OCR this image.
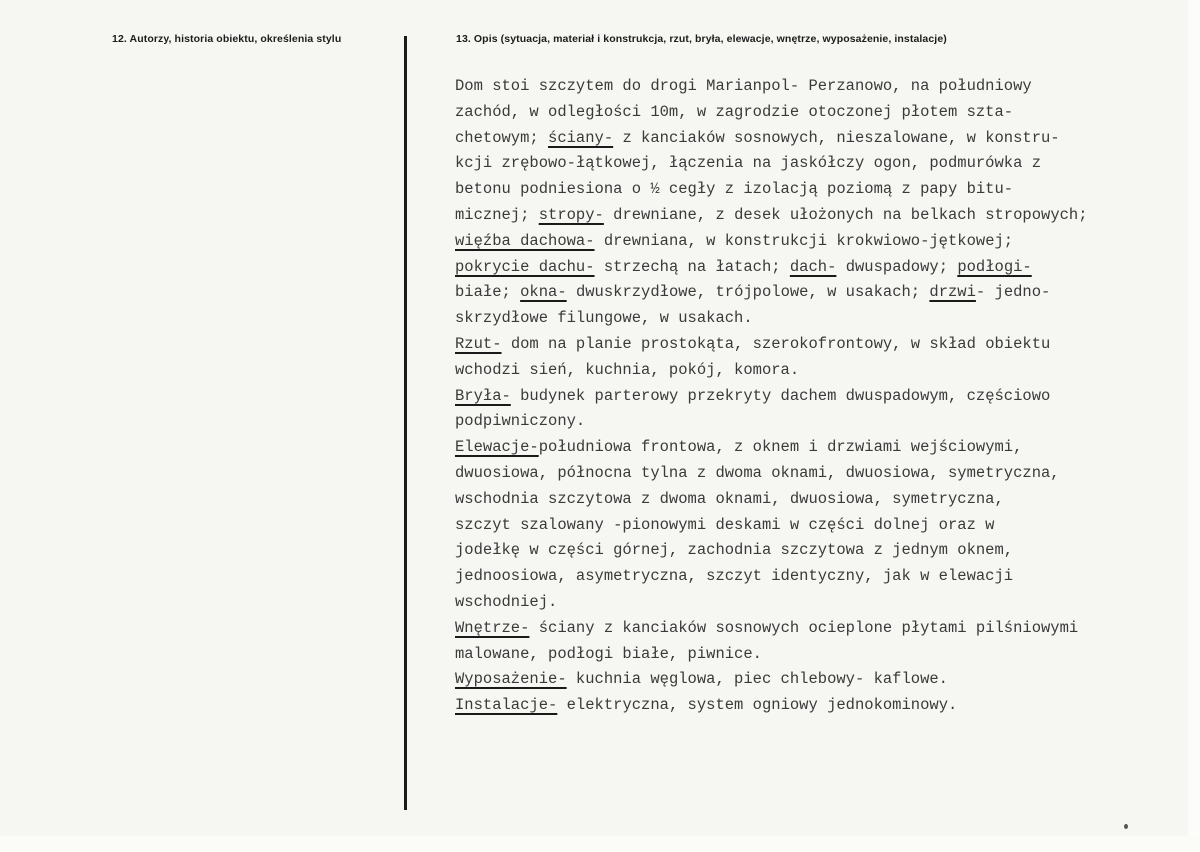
12. Autorzy, historia obiektu, określenia stylu	13. Opis (sytuacja, materiał i konstrukcja, rzut, bryła, elewacje, wnętrze, wyposażenie, instalacje)
Dom stoi szczytem do drogi Marianpol- Perzanowo, na południowy
zachód, w odległości 10m, w zagrodzie otoczonej płotem szta-
chetowym; ściany- z kanciaków sosnowych, nieszalowane, w konstru-
kcji zrębowo-łątkowej, łączenia na jaskółczy ogon, podmurówka z
betonu podniesiona o ½ cegły z izolacją poziomą z papy bitu-
micznej; stropy- drewniane, z desek ułożonych na belkach stropowych;
więźba dachowa- drewniana, w konstrukcji krokwiowo-jętkowej;
pokrycie dachu- strzechą na łatach; dach- dwuspadowy; podłogi-
białe; okna- dwuskrzydłowe, trójpolowe, w usakach; drzwi- jedno-
skrzydłowe filungowe, w usakach.
Rzut- dom na planie prostokąta, szerokofrontowy, w skład obiektu
wchodzi sień, kuchnia, pokój, komora.
Bryła- budynek parterowy przekryty dachem dwuspadowym, częściowo
podpiwniczony.
Elewacje-południowa frontowa, z oknem i drzwiami wejściowymi,
dwuosiowa, północna tylna z dwoma oknami, dwuosiowa, symetryczna,
wschodnia szczytowa z dwoma oknami, dwuosiowa, symetryczna,
szczyt szalowany -pionowymi deskami w części dolnej oraz w
jodełkę w części górnej, zachodnia szczytowa z jednym oknem,
jednoosiowa, asymetryczna, szczyt identyczny, jak w elewacji
wschodniej.
Wnętrze- ściany z kanciaków sosnowych ocieplone płytami pilśniowymi
malowane, podłogi białe, piwnice.
Wyposażenie- kuchnia węglowa, piec chlebowy- kaflowe.
Instalacje- elektryczna, system ogniowy jednokominowy.
